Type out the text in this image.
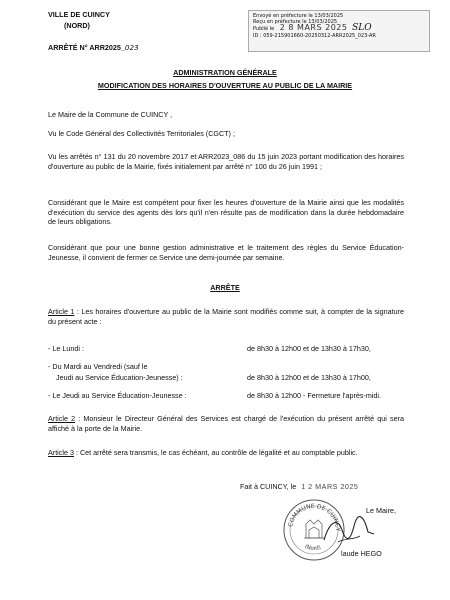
VILLE DE CUINCY
(NORD)
ARRÊTÉ N° ARR2025_023
Envoyé en préfecture le 13/03/2025
Reçu en préfecture le 13/03/2025
Publié le 2 8 MARS 2025 SLO
ID : 059-215901660-20250312-ARR2025_023-AR
ADMINISTRATION GÉNÉRALE
MODIFICATION DES HORAIRES D'OUVERTURE AU PUBLIC DE LA MAIRIE
Le Maire de la Commune de CUINCY ,
Vu le Code Général des Collectivités Territoriales (CGCT) ;
Vu les arrêtés n° 131 du 20 novembre 2017 et ARR2023_086 du 15 juin 2023 portant modification des horaires d'ouverture au public de la Mairie, fixés initialement par arrêté n° 100 du 26 juin 1991 ;
Considérant que le Maire est compétent pour fixer les heures d'ouverture de la Mairie ainsi que les modalités d'exécution du service des agents dès lors qu'il n'en résulte pas de modification dans la durée hebdomadaire de leurs obligations.
Considérant que pour une bonne gestion administrative et le traitement des règles du Service Éducation-Jeunesse, il convient de fermer ce Service une demi-journée par semaine.
ARRÊTE
Article 1 : Les horaires d'ouverture au public de la Mairie sont modifiés comme suit, à compter de la signature du présent acte :
- Le Lundi :	de 8h30 à 12h00 et de 13h30 à 17h30,
- Du Mardi au Vendredi (sauf le
Jeudi au Service Éducation-Jeunesse) :	de 8h30 à 12h00 et de 13h30 à 17h00,
- Le Jeudi au Service Éducation-Jeunesse :	de 8h30 à 12h00 - Fermeture l'après-midi.
Article 2 : Monsieur le Directeur Général des Services est chargé de l'exécution du présent arrêté qui sera affiché à la porte de la Mairie.
Article 3 : Cet arrêté sera transmis, le cas échéant, au contrôle de légalité et au comptable public.
Fait à CUINCY, le 1 2 MARS 2025
Le Maire,
COMMUNE DE CUINCY
(Nord)
laude HEGO
